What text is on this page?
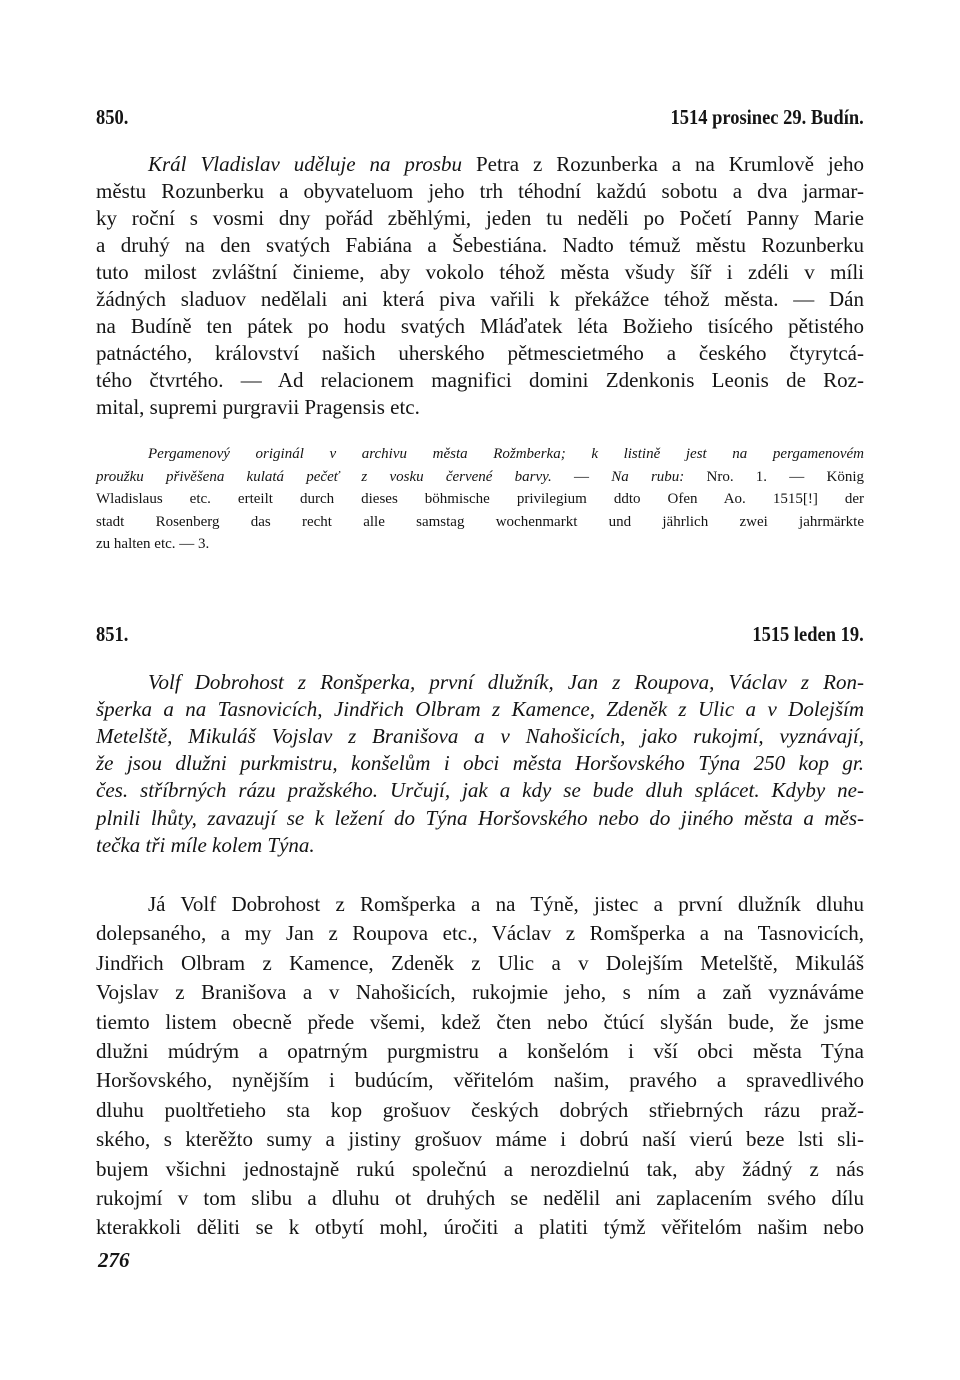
850.	1514 prosinec 29. Budín.
Král Vladislav uděluje na prosbu Petra z Rozunberka a na Krumlově jeho
městu Rozunberku a obyvateluom jeho trh téhodní každú sobotu a dva jarmar-
ky roční s vosmi dny pořád zběhlými, jeden tu neděli po Početí Panny Marie
a druhý na den svatých Fabiána a Šebestiána. Nadto témuž městu Rozunberku
tuto milost zvláštní činieme, aby vokolo téhož města všudy šíř i zdéli v míli
žádných sladuov nedělali ani která piva vařili k překážce téhož města. — Dán
na Budíně ten pátek po hodu svatých Mláďatek léta Božieho tisícého pětistého
patnáctého, království našich uherského pětmescietmého a českého čtyrytcá-
tého čtvrtého. — Ad relacionem magnifici domini Zdenkonis Leonis de Roz-
mital, supremi purgravii Pragensis etc.
Pergamenový originál v archivu města Rožmberka; k listině jest na pergamenovém
proužku přivěšena kulatá pečeť z vosku červené barvy. — Na rubu: Nro. 1. — König
Wladislaus etc. erteilt durch dieses böhmische privilegium ddto Ofen Ao. 1515[!] der
stadt Rosenberg das recht alle samstag wochenmarkt und jährlich zwei jahrmärkte
zu halten etc. — 3.
851.	1515 leden 19.
Volf Dobrohost z Ronšperka, první dlužník, Jan z Roupova, Václav z Ron-
šperka a na Tasnovicích, Jindřich Olbram z Kamence, Zdeněk z Ulic a v Dolejším
Metelště, Mikuláš Vojslav z Branišova a v Nahošicích, jako rukojmí, vyznávají,
že jsou dlužni purkmistru, konšelům i obci města Horšovského Týna 250 kop gr.
čes. stříbrných rázu pražského. Určují, jak a kdy se bude dluh splácet. Kdyby ne-
plnili lhůty, zavazují se k ležení do Týna Horšovského nebo do jiného města a měs-
tečka tři míle kolem Týna.
Já Volf Dobrohost z Romšperka a na Týně, jistec a první dlužník dluhu
dolepsaného, a my Jan z Roupova etc., Václav z Romšperka a na Tasnovicích,
Jindřich Olbram z Kamence, Zdeněk z Ulic a v Dolejším Metelště, Mikuláš
Vojslav z Branišova a v Nahošicích, rukojmie jeho, s ním a zaň vyznáváme
tiemto listem obecně přede všemi, kdež čten nebo čtúcí slyšán bude, že jsme
dlužni múdrým a opatrným purgmistru a konšelóm i vší obci města Týna
Horšovského, nynějším i budúcím, věřitelóm našim, pravého a spravedlivého
dluhu puoltřetieho sta kop grošuov českých dobrých střiebrných rázu praž-
ského, s kterěžto sumy a jistiny grošuov máme i dobrú naší vierú beze lsti sli-
bujem všichni jednostajně rukú společnú a nerozdielnú tak, aby žádný z nás
rukojmí v tom slibu a dluhu ot druhých se nedělil ani zaplacením svého dílu
kterakkoli děliti se k otbytí mohl, úročiti a platiti týmž věřitelóm našim nebo
276
